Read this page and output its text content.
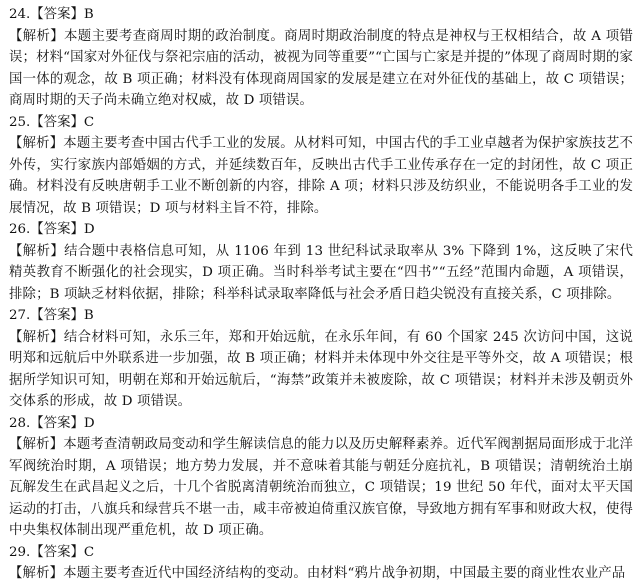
24.【答案】B

【解析】本题主要考查商周时期的政治制度。商周时期政治制度的特点是神权与王权相结合，故 A 项错误；材料“国家对外征伐与祭祀宗庙的活动，被视为同等重要”“亡国与亡家是并提的”体现了商周时期的家国一体的观念，故 B 项正确；材料没有体现商周国家的发展是建立在对外征伐的基础上，故 C 项错误；商周时期的天子尚未确立绝对权威，故 D 项错误。

25.【答案】C

【解析】本题主要考查中国古代手工业的发展。从材料可知，中国古代的手工业卓越者为保护家族技艺不外传，实行家族内部婚姻的方式，并延续数百年，反映出古代手工业传承存在一定的封闭性，故 C 项正确。材料没有反映唐朝手工业不断创新的内容，排除 A 项；材料只涉及纺织业，不能说明各手工业的发展情况，故 B 项错误；D 项与材料主旨不符，排除。

26.【答案】D

【解析】结合题中表格信息可知，从 1106 年到 13 世纪科试录取率从 3% 下降到 1%，这反映了宋代精英教育不断强化的社会现实，D 项正确。当时科举考试主要在“四书”“五经”范围内命题，A 项错误，排除；B 项缺乏材料依据，排除；科举科试录取率降低与社会矛盾日趋尖锐没有直接关系，C 项排除。

27.【答案】B

【解析】结合材料可知，永乐三年，郑和开始远航，在永乐年间，有 60 个国家 245 次访问中国，这说明郑和远航后中外联系进一步加强，故 B 项正确；材料并未体现中外交往是平等外交，故 A 项错误；根据所学知识可知，明朝在郑和开始远航后，“海禁”政策并未被废除，故 C 项错误；材料并未涉及朝贡外交体系的形成，故 D 项错误。

28.【答案】D

【解析】本题考查清朝政局变动和学生解读信息的能力以及历史解释素养。近代军阀割据局面形成于北洋军阀统治时期，A 项错误；地方势力发展，并不意味着其能与朝廷分庭抗礼，B 项错误；清朝统治土崩瓦解发生在武昌起义之后，十几个省脱离清朝统治而独立，C 项错误；19 世纪 50 年代，面对太平天国运动的打击，八旗兵和绿营兵不堪一击，咸丰帝被迫倚重汉族官僚，导致地方拥有军事和财政大权，使得中央集权体制出现严重危机，故 D 项正确。

29.【答案】C

【解析】本题主要考查近代中国经济结构的变动。由材料“鸦片战争初期，中国最主要的商业性农业产品
